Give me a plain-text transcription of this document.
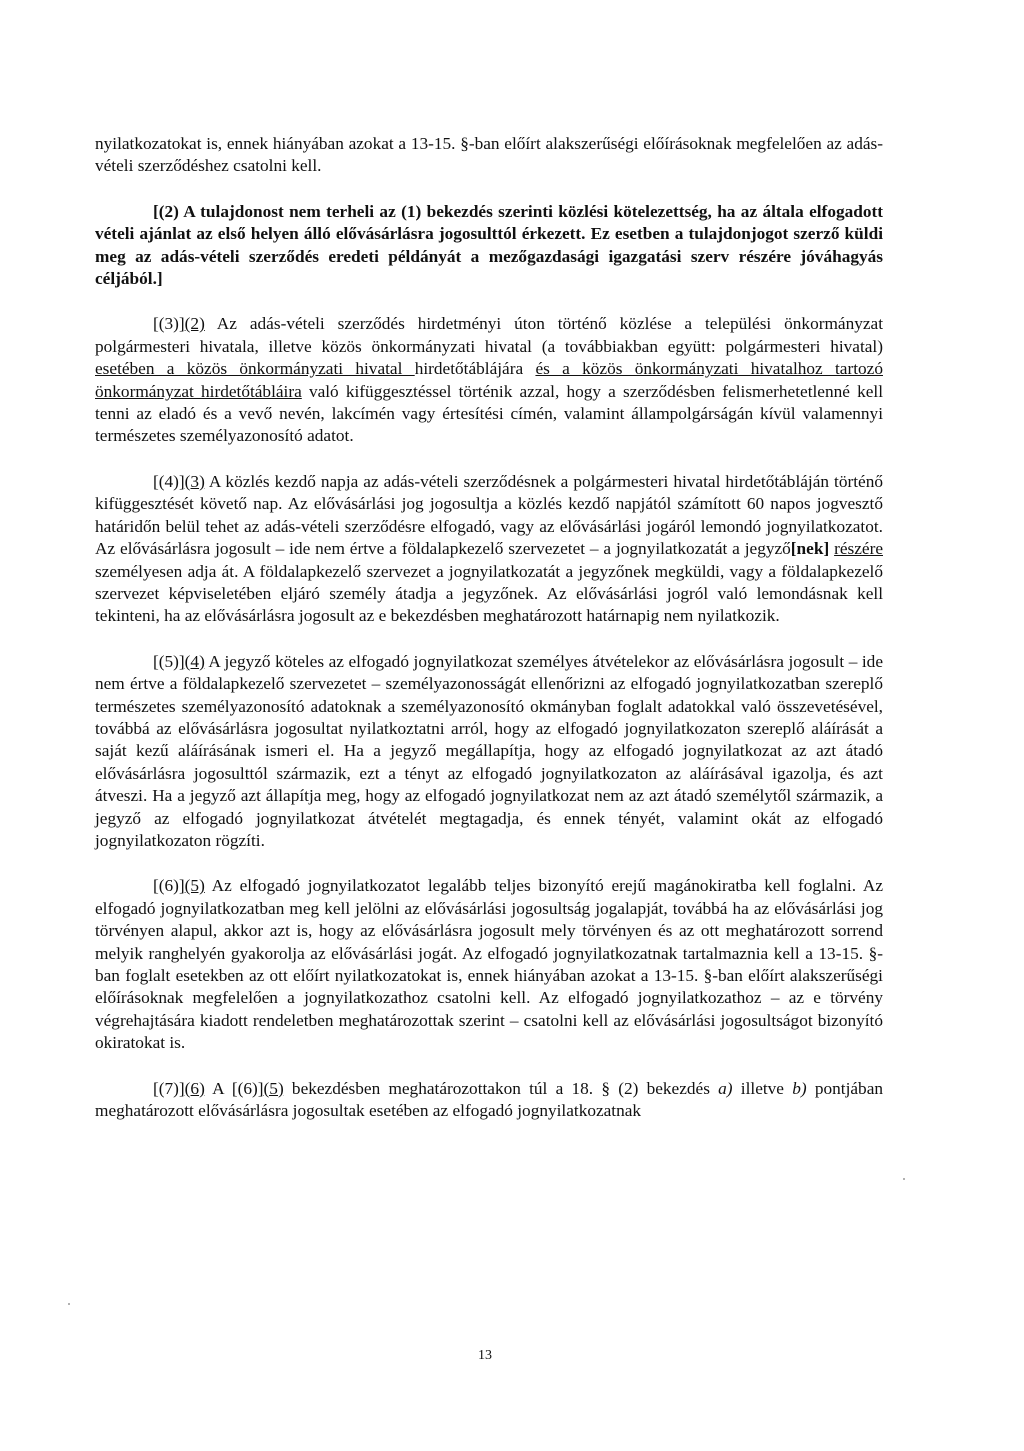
nyilatkozatokat is, ennek hiányában azokat a 13-15. §-ban előírt alakszerűségi előírásoknak megfelelően az adás-vételi szerződéshez csatolni kell.

[(2) A tulajdonost nem terheli az (1) bekezdés szerinti közlési kötelezettség, ha az általa elfogadott vételi ajánlat az első helyen álló elővásárlásra jogosulttól érkezett. Ez esetben a tulajdonjogot szerző küldi meg az adás-vételi szerződés eredeti példányát a mezőgazdasági igazgatási szerv részére jóváhagyás céljából.]

[(3)](2) Az adás-vételi szerződés hirdetményi úton történő közlése a települési önkormányzat polgármesteri hivatala, illetve közös önkormányzati hivatal (a továbbiakban együtt: polgármesteri hivatal) esetében a közös önkormányzati hivatal hirdetőtáblájára és a közös önkormányzati hivatalhoz tartozó önkormányzat hirdetőtábláira való kifüggesztéssel történik azzal, hogy a szerződésben felismerhetetlenné kell tenni az eladó és a vevő nevén, lakcímén vagy értesítési címén, valamint állampolgárságán kívül valamennyi természetes személyazonosító adatot.

[(4)](3) A közlés kezdő napja az adás-vételi szerződésnek a polgármesteri hivatal hirdetőtábláján történő kifüggesztését követő nap. Az elővásárlási jog jogosultja a közlés kezdő napjától számított 60 napos jogvesztő határidőn belül tehet az adás-vételi szerződésre elfogadó, vagy az elővásárlási jogáról lemondó jognyilatkozatot. Az elővásárlásra jogosult – ide nem értve a földalapkezelő szervezetet – a jognyilatkozatát a jegyző[nek] részére személyesen adja át. A földalapkezelő szervezet a jognyilatkozatát a jegyzőnek megküldi, vagy a földalapkezelő szervezet képviseletében eljáró személy átadja a jegyzőnek. Az elővásárlási jogról való lemondásnak kell tekinteni, ha az elővásárlásra jogosult az e bekezdésben meghatározott határnapig nem nyilatkozik.

[(5)](4) A jegyző köteles az elfogadó jognyilatkozat személyes átvételekor az elővásárlásra jogosult – ide nem értve a földalapkezelő szervezetet – személyazonosságát ellenőrizni az elfogadó jognyilatkozatban szereplő természetes személyazonosító adatoknak a személyazonosító okmányban foglalt adatokkal való összevetésével, továbbá az elővásárlásra jogosultat nyilatkoztatni arról, hogy az elfogadó jognyilatkozaton szereplő aláírását a saját kezű aláírásának ismeri el. Ha a jegyző megállapítja, hogy az elfogadó jognyilatkozat az azt átadó elővásárlásra jogosulttól származik, ezt a tényt az elfogadó jognyilatkozaton az aláírásával igazolja, és azt átveszi. Ha a jegyző azt állapítja meg, hogy az elfogadó jognyilatkozat nem az azt átadó személytől származik, a jegyző az elfogadó jognyilatkozat átvételét megtagadja, és ennek tényét, valamint okát az elfogadó jognyilatkozaton rögzíti.

[(6)](5) Az elfogadó jognyilatkozatot legalább teljes bizonyító erejű magánokiratba kell foglalni. Az elfogadó jognyilatkozatban meg kell jelölni az elővásárlási jogosultság jogalapját, továbbá ha az elővásárlási jog törvényen alapul, akkor azt is, hogy az elővásárlásra jogosult mely törvényen és az ott meghatározott sorrend melyik ranghelyén gyakorolja az elővásárlási jogát. Az elfogadó jognyilatkozatnak tartalmaznia kell a 13-15. §-ban foglalt esetekben az ott előírt nyilatkozatokat is, ennek hiányában azokat a 13-15. §-ban előírt alakszerűségi előírásoknak megfelelően a jognyilatkozathoz csatolni kell. Az elfogadó jognyilatkozathoz – az e törvény végrehajtására kiadott rendeletben meghatározottak szerint – csatolni kell az elővásárlási jogosultságot bizonyító okiratokat is.

[(7)](6) A [(6)](5) bekezdésben meghatározottakon túl a 18. § (2) bekezdés a) illetve b) pontjában meghatározott elővásárlásra jogosultak esetében az elfogadó jognyilatkozatnak

13
